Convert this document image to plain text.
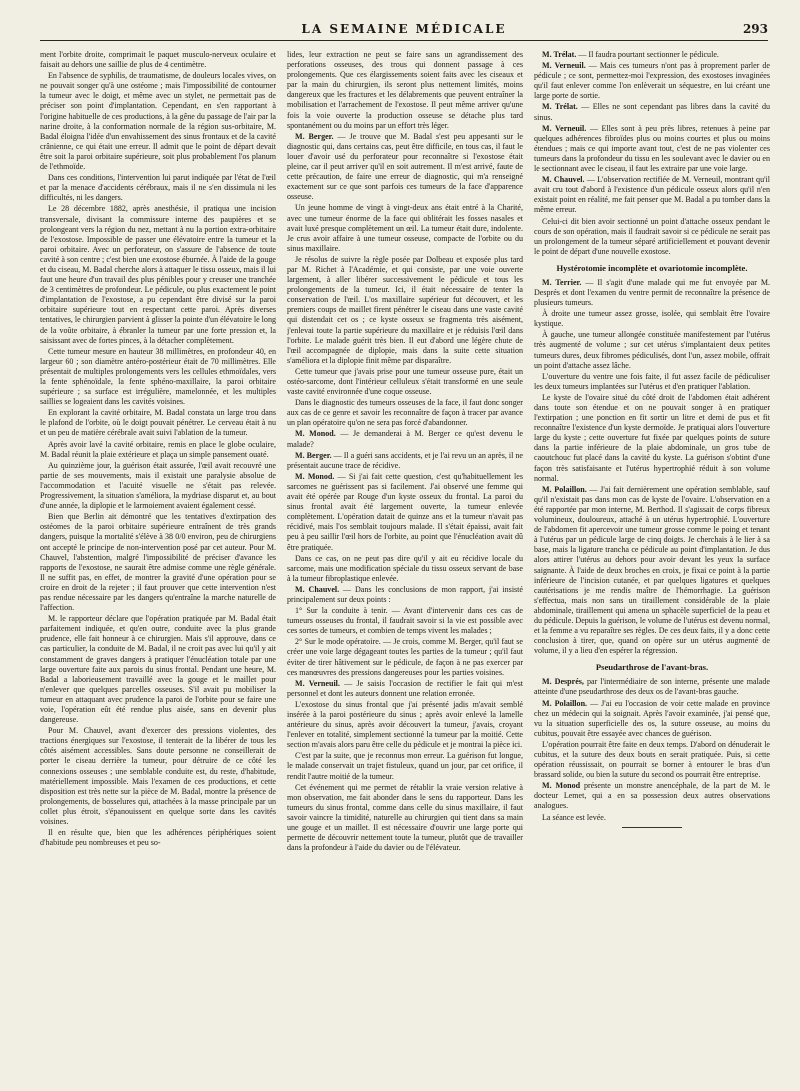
LA SEMAINE MÉDICALE	293

ment l'orbite droite, comprimait le paquet musculo-nerveux oculaire et faisait au dehors une saillie de plus de 4 centimètre.

En l'absence de syphilis, de traumatisme, de douleurs locales vives, on ne pouvait songer qu'à une ostéome ; mais l'impossibilité de contourner la tumeur avec le doigt, et même avec un stylet, ne permettait pas de préciser son point d'implantation. Cependant, en s'en rapportant à l'origine habituelle de ces productions, à la gêne du passage de l'air par la narine droite, à la conformation normale de la région sus-orbitaire, M. Badal éloigna l'idée d'un envahissement des sinus frontaux et de la cavité crânienne, ce qui était une erreur. Il admit que le point de départ devait être soit la paroi orbitaire supérieure, soit plus probablement l'os planum de l'ethmoïde.

Dans ces conditions, l'intervention lui parut indiquée par l'état de l'œil et par la menace d'accidents cérébraux, mais il ne s'en dissimula ni les difficultés, ni les dangers.

Le 28 décembre 1882, après anesthésie, il pratiqua une incision transversale, divisant la commissure interne des paupières et se prolongeant vers la région du nez, mettant à nu la portion extra-orbitaire de l'exostose. Impossible de passer une élévatoire entre la tumeur et la paroi orbitaire. Avec un perforateur, on s'assure de l'absence de toute cavité à son centre ; c'est bien une exostose éburnée. À l'aide de la gouge et du ciseau, M. Badal cherche alors à attaquer le tissu osseux, mais il lui faut une heure d'un travail des plus pénibles pour y creuser une tranchée de 3 centimètres de profondeur. Le pédicule, ou plus exactement le point d'implantation de l'exostose, a pu cependant être divisé sur la paroi orbitaire supérieure tout en respectant cette paroi. Après diverses tentatives, le chirurgien parvient à glisser la pointe d'un élévatoire le long de la voûte orbitaire, à ébranler la tumeur par une forte pression et, la saisissant avec de fortes pinces, à la détacher complètement.

Cette tumeur mesure en hauteur 38 millimètres, en profondeur 40, en largeur 60 ; son diamètre antéro-postérieur était de 70 millimètres. Elle présentait de multiples prolongements vers les cellules ethmoïdales, vers la fente sphénoïdale, la fente sphéno-maxillaire, la paroi orbitaire supérieure ; sa surface est irrégulière, mamelonnée, et les multiples saillies se logeaient dans les cavités voisines.

En explorant la cavité orbitaire, M. Badal constata un large trou dans le plafond de l'orbite, où le doigt pouvait pénétrer. Le cerveau était à nu et un peu de matière cérébrale avait suivi l'ablation de la tumeur.

Après avoir lavé la cavité orbitaire, remis en place le globe oculaire, M. Badal réunit la plaie extérieure et plaça un simple pansement ouaté.

Au quinzième jour, la guérison était assurée, l'œil avait recouvré une partie de ses mouvements, mais il existait une paralysie absolue de l'accommodation et l'acuité visuelle ne s'était pas relevée. Progressivement, la situation s'améliora, la mydriase disparut et, au bout d'une année, la diplopie et le larmoiement avaient également cessé.

Bien que Berlin ait démontré que les tentatives d'extirpation des ostéomes de la paroi orbitaire supérieure entraînent de très grands dangers, puisque la mortalité s'élève à 38 0/0 environ, peu de chirurgiens ont accepté le principe de non-intervention posé par cet auteur. Pour M. Chauvel, l'abstention, malgré l'impossibilité de préciser d'avance les rapports de l'exostose, ne saurait être admise comme une règle générale. Il ne suffit pas, en effet, de montrer la gravité d'une opération pour se croire en droit de la rejeter ; il faut prouver que cette intervention n'est pas rendue nécessaire par les dangers qu'entraîne la marche naturelle de l'affection.

M. le rapporteur déclare que l'opération pratiquée par M. Badal était parfaitement indiquée, et qu'en outre, conduite avec la plus grande prudence, elle fait honneur à ce chirurgien. Mais s'il approuve, dans ce cas particulier, la conduite de M. Badal, il ne croit pas avec lui qu'il y ait constamment de graves dangers à pratiquer l'énucléation totale par une large ouverture faite aux parois du sinus frontal. Pendant une heure, M. Badal a laborieusement travaillé avec la gouge et le maillet pour n'enlever que quelques parcelles osseuses. S'il avait pu mobiliser la tumeur en attaquant avec prudence la paroi de l'orbite pour se faire une voie, l'opération eût été rendue plus aisée, sans en devenir plus dangereuse.

Pour M. Chauvel, avant d'exercer des pressions violentes, des tractions énergiques sur l'exostose, il tenterait de la libérer de tous les côtés aisément accessibles. Sans doute personne ne conseillerait de porter le ciseau derrière la tumeur, pour détruire de ce côté les connexions osseuses ; une semblable conduite est, du reste, d'habitude, matériellement impossible. Mais l'examen de ces productions, et cette disposition est très nette sur la pièce de M. Badal, montre la présence de prolongements, de bosselures qui, attachées à la masse principale par un collet plus étroit, s'épanouissent en quelque sorte dans les cavités voisines.

Il en résulte que, bien que les adhérences périphériques soient d'habitude peu nombreuses et peu so-

lides, leur extraction ne peut se faire sans un agrandissement des perforations osseuses, des trous qui donnent passage à ces prolongements. Que ces élargissements soient faits avec les ciseaux et par la main du chirurgien, ils seront plus nettement limités, moins dangereux que les fractures et les délabrements que peuvent entraîner la mobilisation et l'arrachement de l'exostose. Il peut même arriver qu'une fois la voie ouverte la production osseuse se détache plus tard spontanément ou du moins par un effort très léger.

M. Berger. — Je trouve que M. Badal s'est peu appesanti sur le diagnostic qui, dans certains cas, peut être difficile, en tous cas, il faut le louer d'avoir usé du perforateur pour reconnaître si l'exostose était pleine, car il peut arriver qu'il en soit autrement. Il m'est arrivé, faute de cette précaution, de faire une erreur de diagnostic, qui m'a renseigné exactement sur ce que sont parfois ces tumeurs de la face d'apparence osseuse.

Un jeune homme de vingt à vingt-deux ans était entré à la Charité, avec une tumeur énorme de la face qui oblitérait les fosses nasales et avait luxé presque complètement un œil. La tumeur était dure, indolente. Je crus avoir affaire à une tumeur osseuse, compacte de l'orbite ou du sinus maxillaire.

Je résolus de suivre la règle posée par Dolbeau et exposée plus tard par M. Richet à l'Académie, et qui consiste, par une voie ouverte largement, à aller libérer successivement le pédicule et tous les prolongements de la tumeur. Ici, il était nécessaire de tenter la conservation de l'œil. L'os maxillaire supérieur fut découvert, et les premiers coups de maillet firent pénétrer le ciseau dans une vaste cavité qui distendait cet os ; ce kyste osseux se fragmenta très aisément, j'enlevai toute la partie supérieure du maxillaire et je réduisis l'œil dans l'orbite. Le malade guérit très bien. Il eut d'abord une légère chute de l'œil accompagnée de diplopie, mais dans la suite cette situation s'améliora et la diplopie finit même par disparaître.

Cette tumeur que j'avais prise pour une tumeur osseuse pure, était un ostéo-sarcome, dont l'intérieur celluleux s'était transformé en une seule vaste cavité environnée d'une coque osseuse.

Dans le diagnostic des tumeurs osseuses de la face, il faut donc songer aux cas de ce genre et savoir les reconnaître de façon à tracer par avance un plan opératoire qu'on ne sera pas forcé d'abandonner.

M. Monod. — Je demanderai à M. Berger ce qu'est devenu le malade?

M. Berger. — Il a guéri sans accidents, et je l'ai revu un an après, il ne présentait aucune trace de récidive.

M. Monod. — Si j'ai fait cette question, c'est qu'habituellement les sarcomes ne guérissent pas si facilement. J'ai observé une femme qui avait été opérée par Rouge d'un kyste osseux du frontal. La paroi du sinus frontal avait été largement ouverte, la tumeur enlevée complètement. L'opération datait de quinze ans et la tumeur n'avait pas récidivé, mais l'os semblait toujours malade. Il s'était épaissi, avait fait peu à peu saillir l'œil hors de l'orbite, au point que l'énucléation avait dû être pratiquée.

Dans ce cas, on ne peut pas dire qu'il y ait eu récidive locale du sarcome, mais une modification spéciale du tissu osseux servant de base à la tumeur fibroplastique enlevée.

M. Chauvel. — Dans les conclusions de mon rapport, j'ai insisté principalement sur deux points :

1° Sur la conduite à tenir. — Avant d'intervenir dans ces cas de tumeurs osseuses du frontal, il faudrait savoir si la vie est possible avec ces sortes de tumeurs, et combien de temps vivent les malades ;

2° Sur le mode opératoire. — Je crois, comme M. Berger, qu'il faut se créer une voie large dégageant toutes les parties de la tumeur ; qu'il faut éviter de tirer hâtivement sur le pédicule, de façon à ne pas exercer par ces manœuvres des pressions dangereuses pour les parties voisines.

M. Verneuil. — Je saisis l'occasion de rectifier le fait qui m'est personnel et dont les auteurs donnent une relation erronée.

L'exostose du sinus frontal que j'ai présenté jadis m'avait semblé insérée à la paroi postérieure du sinus ; après avoir enlevé la lamelle antérieure du sinus, après avoir découvert la tumeur, j'avais, croyant l'enlever en totalité, simplement sectionné la tumeur par la moitié. Cette section m'avais alors paru être celle du pédicule et je montrai la pièce ici.

C'est par la suite, que je reconnus mon erreur. La guérison fut longue, le malade conservait un trajet fistuleux, quand un jour, par cet orifice, il rendit l'autre moitié de la tumeur.

Cet événement qui me permet de rétablir la vraie version relative à mon observation, me fait abonder dans le sens du rapporteur. Dans les tumeurs du sinus frontal, comme dans celle du sinus maxillaire, il faut savoir vaincre la timidité, naturelle au chirurgien qui tient dans sa main une gouge et un maillet. Il est nécessaire d'ouvrir une large porte qui permette de découvrir nettement toute la tumeur, plutôt que de travailler dans la profondeur à l'aide du davier ou de l'élévateur.

M. Trélat. — Il faudra pourtant sectionner le pédicule.

M. Verneuil. — Mais ces tumeurs n'ont pas à proprement parler de pédicule ; ce sont, permettez-moi l'expression, des exostoses invaginées qu'il faut enlever comme l'on enlèverait un séquestre, en lui créant une large porte de sortie.

M. Trélat. — Elles ne sont cependant pas libres dans la cavité du sinus.

M. Verneuil. — Elles sont à peu près libres, retenues à peine par quelques adhérences fibroïdes plus ou moins courtes et plus ou moins étendues ; mais ce qui importe avant tout, c'est de ne pas violenter ces tumeurs dans la profondeur du tissu en les soulevant avec le davier ou en le sectionnant avec le ciseau, il faut les extraire par une voie large.

M. Chauvel. — L'observation rectifiée de M. Verneuil, montrant qu'il avait cru tout d'abord à l'existence d'un pédicule osseux alors qu'il n'en existait point en réalité, me fait penser que M. Badal a pu tomber dans la même erreur.

Celui-ci dit bien avoir sectionné un point d'attache osseux pendant le cours de son opération, mais il faudrait savoir si ce pédicule ne serait pas un prolongement de la tumeur séparé artificiellement et pouvant devenir le point de départ d'une nouvelle exostose.

Hystérotomie incomplète et ovariotomie incomplète.

M. Terrier. — Il s'agit d'une malade qui me fut envoyée par M. Després et dont l'examen du ventre permit de reconnaître la présence de plusieurs tumeurs.

À droite une tumeur assez grosse, isolée, qui semblait être l'ovaire kystique.

À gauche, une tumeur allongée constituée manifestement par l'utérus très augmenté de volume ; sur cet utérus s'implantaient deux petites tumeurs dures, deux fibromes pédiculisés, dont l'un, assez mobile, offrait un point d'attache assez lâche.

L'ouverture du ventre une fois faite, il fut assez facile de pédiculiser les deux tumeurs implantées sur l'utérus et d'en pratiquer l'ablation.

Le kyste de l'ovaire situé du côté droit de l'abdomen était adhérent dans toute son étendue et on ne pouvait songer à en pratiquer l'extirpation ; une ponction en fit sortir un litre et demi de pus et fit reconnaître l'existence d'un kyste dermoïde. Je pratiquai alors l'ouverture large du kyste ; cette ouverture fut fixée par quelques points de suture dans la partie inférieure de la plaie abdominale, un gros tube de caoutchouc fut placé dans la cavité du kyste. La guérison s'obtint d'une façon très satisfaisante et l'utérus hypertrophié réduit à son volume normal.

M. Polaillon. — J'ai fait dernièrement une opération semblable, sauf qu'il n'existait pas dans mon cas de kyste de l'ovaire. L'observation en a été rapportée par mon interne, M. Berthod. Il s'agissait de corps fibreux volumineux, douloureux, attaché à un utérus hypertrophié. L'ouverture de l'abdomen fit apercevoir une tumeur grosse comme le poing et tenant à l'utérus par un pédicule large de cinq doigts. Je cherchais à le lier à sa base, mais la ligature trancha ce pédicule au point d'implantation. Je dus alors attirer l'utérus au dehors pour avoir devant les yeux la surface saignante. À l'aide de deux broches en croix, je fixai ce point à la partie inférieure de l'incision cutanée, et par quelques ligatures et quelques cautérisations je me rendis maître de l'hémorrhagie. La guérison s'effectua, mais non sans un tiraillement considérable de la plaie abdominale, tiraillement qui amena un sphacèle superficiel de la peau et du pédicule. Depuis la guérison, le volume de l'utérus est devenu normal, et la femme a vu reparaître ses règles. De ces deux faits, il y a donc cette conclusion à tirer, que, quand on opère sur un utérus augmenté de volume, il y a lieu d'en espérer la régression.

Pseudarthrose de l'avant-bras.

M. Després, par l'intermédiaire de son interne, présente une malade atteinte d'une pseudarthrose des deux os de l'avant-bras gauche.

M. Polaillon. — J'ai eu l'occasion de voir cette malade en province chez un médecin qui la soignait. Après l'avoir examinée, j'ai pensé que, vu la situation superficielle des os, la suture osseuse, au moins du cubitus, pouvait être essayée avec chances de guérison.

L'opération pourrait être faite en deux temps. D'abord on dénuderait le cubitus, et la suture des deux bouts en serait pratiquée. Puis, si cette opération réussissait, on pourrait se borner à entourer le bras d'un brassard solide, ou bien la suture du second os pourrait être entreprise.

M. Monod présente un monstre anencéphale, de la part de M. le docteur Lemet, qui a en sa possession deux autres observations analogues.

La séance est levée.
